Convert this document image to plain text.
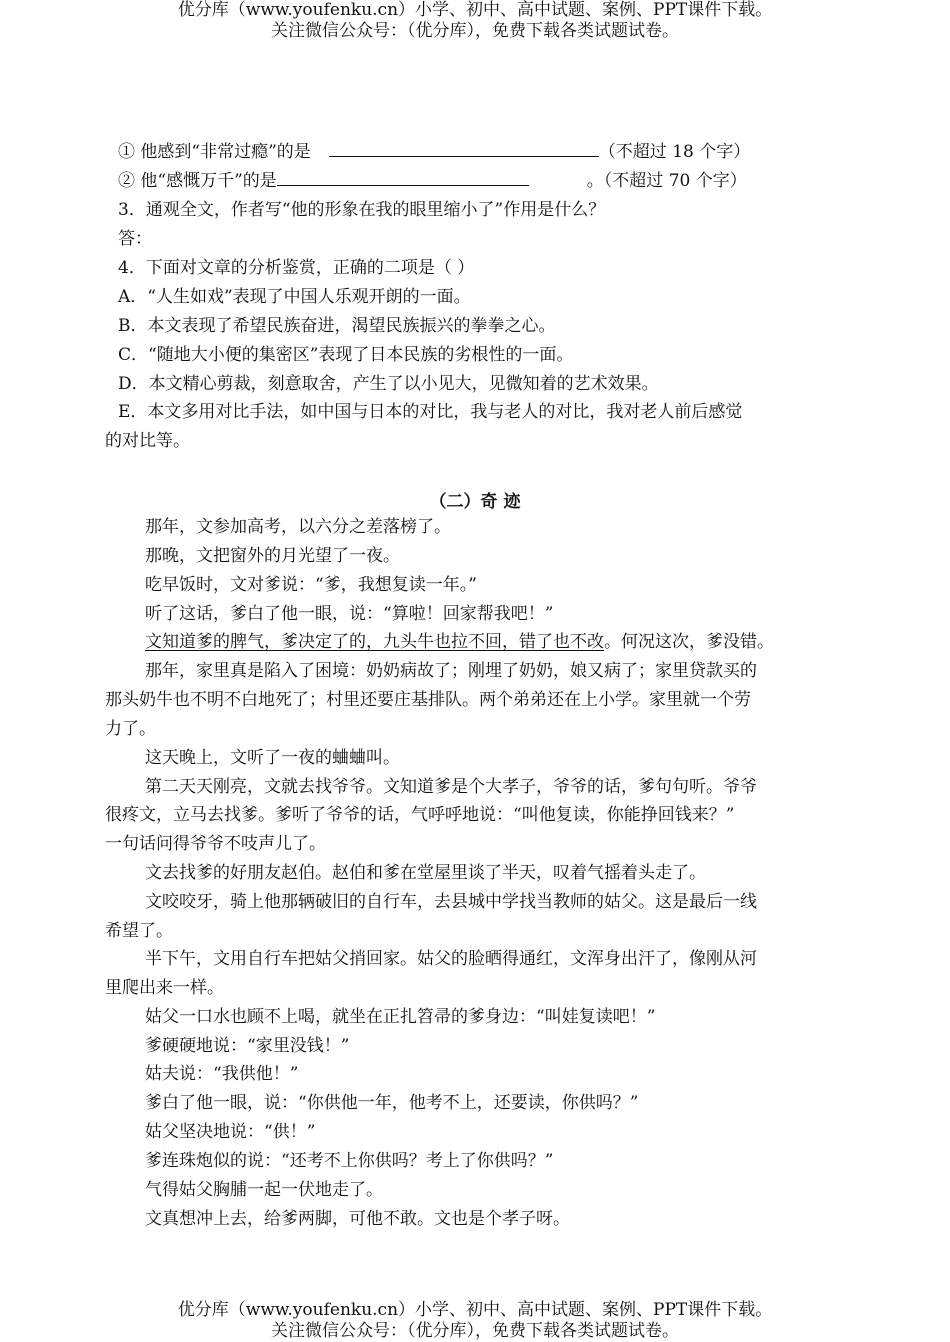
优分库（www.youfenku.cn）小学、初中、高中试题、案例、PPT课件下载。
关注微信公众号：（优分库），免费下载各类试题试卷。
① 他感到“非常过瘾”的是	（不超过 18 个字）
② 他“感慨万千”的是	。（不超过 70 个字）
3．通观全文，作者写“他的形象在我的眼里缩小了”作用是什么？
答：
4．下面对文章的分析鉴赏，正确的二项是（ ）
A．“人生如戏”表现了中国人乐观开朗的一面。
B．本文表现了希望民族奋进，渴望民族振兴的拳拳之心。
C．“随地大小便的集密区”表现了日本民族的劣根性的一面。
D．本文精心剪裁，刻意取舍，产生了以小见大，见微知着的艺术效果。
E．本文多用对比手法，如中国与日本的对比，我与老人的对比，我对老人前后感觉
的对比等。
（二）奇 迹
那年，文参加高考，以六分之差落榜了。
那晚，文把窗外的月光望了一夜。
吃早饭时，文对爹说：“爹，我想复读一年。”
听了这话，爹白了他一眼，说：“算啦！回家帮我吧！”
文知道爹的脾气，爹决定了的，九头牛也拉不回，错了也不改。何况这次，爹没错。
那年，家里真是陷入了困境：奶奶病故了；刚埋了奶奶，娘又病了；家里贷款买的
那头奶牛也不明不白地死了；村里还要庄基排队。两个弟弟还在上小学。家里就一个劳
力了。
这天晚上，文听了一夜的蛐蛐叫。
第二天天刚亮，文就去找爷爷。文知道爹是个大孝子，爷爷的话，爹句句听。爷爷
很疼文，立马去找爹。爹听了爷爷的话，气呼呼地说：“叫他复读，你能挣回钱来？”
一句话问得爷爷不吱声儿了。
文去找爹的好朋友赵伯。赵伯和爹在堂屋里谈了半天，叹着气摇着头走了。
文咬咬牙，骑上他那辆破旧的自行车，去县城中学找当教师的姑父。这是最后一线
希望了。
半下午，文用自行车把姑父捎回家。姑父的脸晒得通红，文浑身出汗了，像刚从河
里爬出来一样。
姑父一口水也顾不上喝，就坐在正扎笤帚的爹身边：“叫娃复读吧！”
爹硬硬地说：“家里没钱！”
姑夫说：“我供他！”
爹白了他一眼，说：“你供他一年，他考不上，还要读，你供吗？”
姑父坚决地说：“供！”
爹连珠炮似的说：“还考不上你供吗？考上了你供吗？”
气得姑父胸脯一起一伏地走了。
文真想冲上去，给爹两脚，可他不敢。文也是个孝子呀。
优分库（www.youfenku.cn）小学、初中、高中试题、案例、PPT课件下载。
关注微信公众号：（优分库），免费下载各类试题试卷。
